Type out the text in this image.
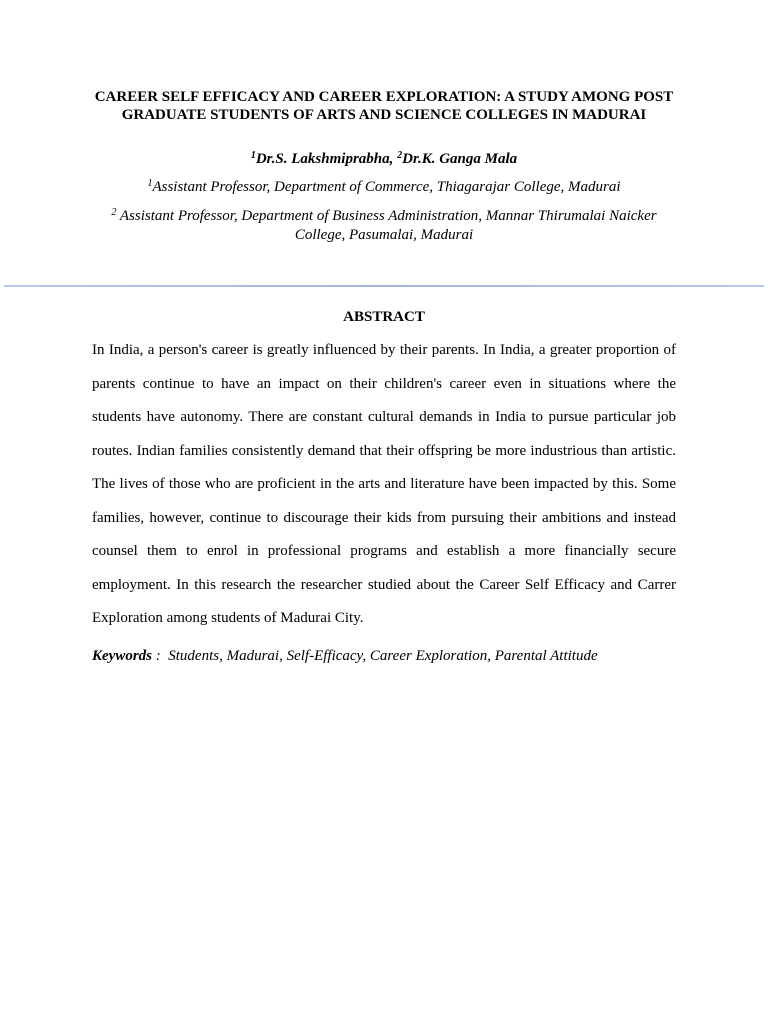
CAREER SELF EFFICACY AND CAREER EXPLORATION: A STUDY AMONG POST GRADUATE STUDENTS OF ARTS AND SCIENCE COLLEGES IN MADURAI
$^1$Dr.S. Lakshmiprabha, $^2$Dr.K. Ganga Mala
$^1$Assistant Professor, Department of Commerce, Thiagarajar College, Madurai
$^2$ Assistant Professor, Department of Business Administration, Mannar Thirumalai Naicker College, Pasumalai, Madurai
ABSTRACT
In India, a person's career is greatly influenced by their parents. In India, a greater proportion of parents continue to have an impact on their children's career even in situations where the students have autonomy. There are constant cultural demands in India to pursue particular job routes. Indian families consistently demand that their offspring be more industrious than artistic. The lives of those who are proficient in the arts and literature have been impacted by this. Some families, however, continue to discourage their kids from pursuing their ambitions and instead counsel them to enrol in professional programs and establish a more financially secure employment. In this research the researcher studied about the Career Self Efficacy and Carrer Exploration among students of Madurai City.
Keywords :  Students, Madurai, Self-Efficacy, Career Exploration, Parental Attitude
